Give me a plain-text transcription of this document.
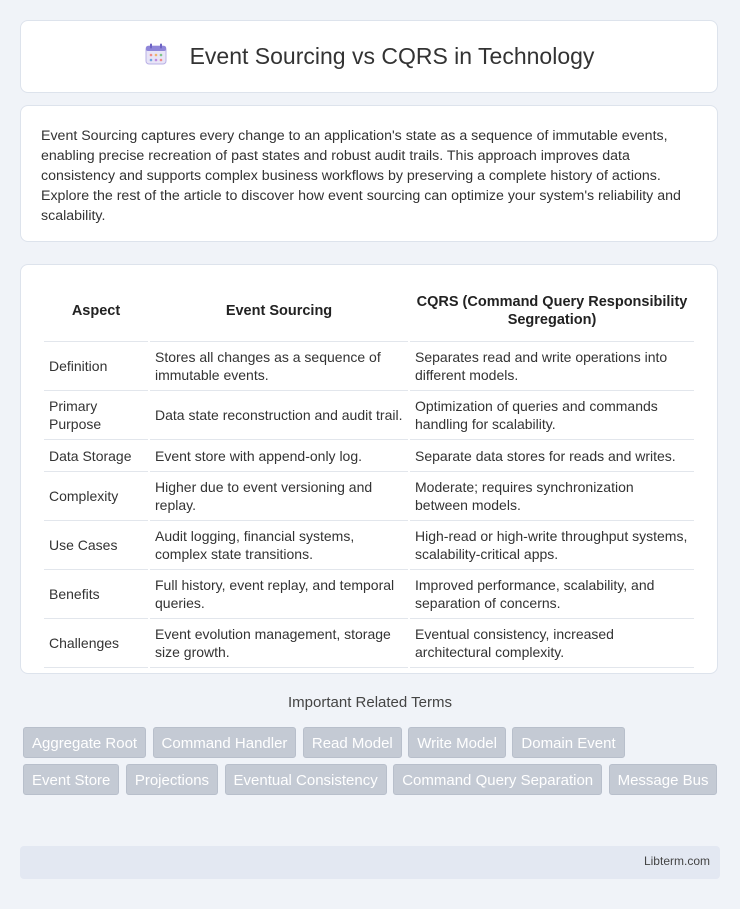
Event Sourcing vs CQRS in Technology
Event Sourcing captures every change to an application's state as a sequence of immutable events, enabling precise recreation of past states and robust audit trails. This approach improves data consistency and supports complex business workflows by preserving a complete history of actions. Explore the rest of the article to discover how event sourcing can optimize your system's reliability and scalability.
Aspect	Event Sourcing	CQRS (Command Query Responsibility Segregation)
Definition	Stores all changes as a sequence of immutable events.	Separates read and write operations into different models.
Primary Purpose	Data state reconstruction and audit trail.	Optimization of queries and commands handling for scalability.
Data Storage	Event store with append-only log.	Separate data stores for reads and writes.
Complexity	Higher due to event versioning and replay.	Moderate; requires synchronization between models.
Use Cases	Audit logging, financial systems, complex state transitions.	High-read or high-write throughput systems, scalability-critical apps.
Benefits	Full history, event replay, and temporal queries.	Improved performance, scalability, and separation of concerns.
Challenges	Event evolution management, storage size growth.	Eventual consistency, increased architectural complexity.
Important Related Terms
Aggregate Root Command Handler Read Model Write Model Domain Event Event Store Projections Eventual Consistency Command Query Separation Message Bus
Libterm.com
